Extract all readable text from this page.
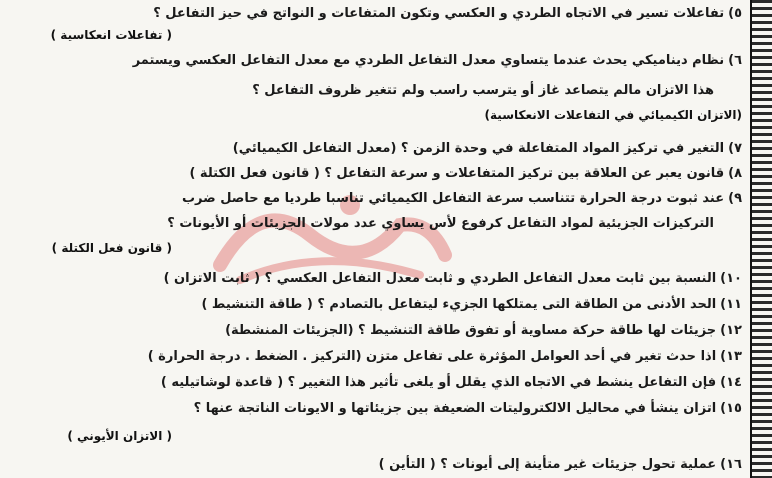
٥)تفاعلات تسير في الاتجاه الطردي و العكسي وتكون المتفاعات و النواتج في حيز التفاعل ؟
( تفاعلات انعكاسية )
٦)نظام ديناميكي يحدث عندما يتساوي معدل التفاعل الطردي مع معدل التفاعل العكسي ويستمر
هذا الاتزان مالم يتصاعد غاز أو يترسب راسب ولم تتغير ظروف التفاعل ؟
(الاتزان الكيميائي في التفاعلات الانعكاسية)
٧)التغير في تركيز المواد المتفاعلة في وحدة الزمن ؟ (معدل التفاعل الكيميائي)
٨)قانون يعبر عن العلاقة بين تركيز المتفاعلات و سرعة التفاعل ؟ ( قانون فعل الكتلة )
٩)عند ثبوت درجة الحرارة تتناسب سرعة التفاعل الكيميائي تناسبا طرديا مع حاصل ضرب
التركيزات الجزيئية لمواد التفاعل كرفوع لأس يساوي عدد مولات الجزيئات أو الأيونات ؟
( قانون فعل الكتلة )
١٠)النسبة بين ثابت معدل التفاعل الطردي و ثابت معدل التفاعل العكسي ؟ ( ثابت الاتزان )
١١)الحد الأدنى من الطاقة التى يمتلكها الجزيء ليتفاعل بالتصادم ؟ ( طاقة التنشيط )
١٢)جزيئات لها طاقة حركة مساوية أو تفوق طاقة التنشيط ؟ (الجزيئات المنشطة)
١٣)اذا حدث تغير في أحد العوامل المؤثرة على تفاعل متزن (التركيز . الضغط . درجة الحرارة )
١٤)فإن التفاعل ينشط في الاتجاه الذي يقلل أو يلغى تأثير هذا التغيير ؟ ( قاعدة لوشاتيليه )
١٥)اتزان ينشأ في محاليل الالكتروليتات الضعيفة بين جزيئاتها و الايونات الناتجة عنها ؟
( الاتزان الأيوني )
١٦)عملية تحول جزيئات غير متأينة إلى أيونات ؟ ( التأين )
